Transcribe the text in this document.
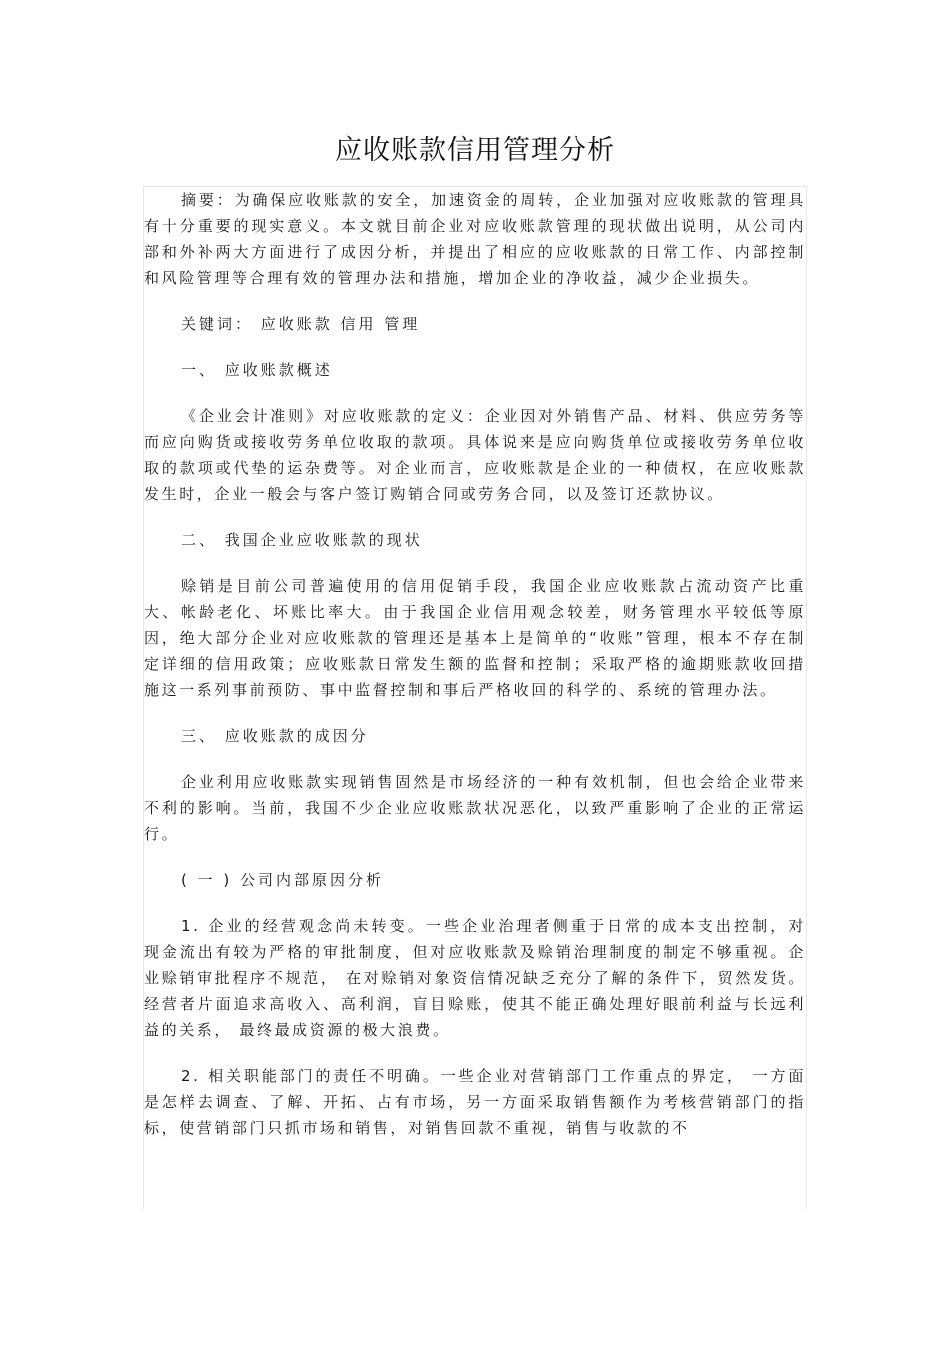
应收账款信用管理分析

摘要：为确保应收账款的安全，加速资金的周转，企业加强对应收账款的管理具有十分重要的现实意义。本文就目前企业对应收账款管理的现状做出说明，从公司内部和外补两大方面进行了成因分析，并提出了相应的应收账款的日常工作、内部控制和风险管理等合理有效的管理办法和措施，增加企业的净收益，减少企业损失。

关键词： 应收账款 信用 管理

一、 应收账款概述

《企业会计准则》对应收账款的定义：企业因对外销售产品、材料、供应劳务等而应向购货或接收劳务单位收取的款项。具体说来是应向购货单位或接收劳务单位收取的款项或代垫的运杂费等。对企业而言，应收账款是企业的一种债权，在应收账款发生时，企业一般会与客户签订购销合同或劳务合同，以及签订还款协议。

二、 我国企业应收账款的现状

赊销是目前公司普遍使用的信用促销手段，我国企业应收账款占流动资产比重大、帐龄老化、坏账比率大。由于我国企业信用观念较差，财务管理水平较低等原因，绝大部分企业对应收账款的管理还是基本上是简单的“收账”管理，根本不存在制定详细的信用政策；应收账款日常发生额的监督和控制；采取严格的逾期账款收回措施这一系列事前预防、事中监督控制和事后严格收回的科学的、系统的管理办法。

三、 应收账款的成因分

企业利用应收账款实现销售固然是市场经济的一种有效机制，但也会给企业带来不利的影响。当前，我国不少企业应收账款状况恶化，以致严重影响了企业的正常运行。

( 一 ) 公司内部原因分析

1. 企业的经营观念尚未转变。一些企业治理者侧重于日常的成本支出控制，对现金流出有较为严格的审批制度，但对应收账款及赊销治理制度的制定不够重视。企业赊销审批程序不规范， 在对赊销对象资信情况缺乏充分了解的条件下，贸然发货。经营者片面追求高收入、高利润，盲目赊账，使其不能正确处理好眼前利益与长远利益的关系， 最终最成资源的极大浪费。

2. 相关职能部门的责任不明确。一些企业对营销部门工作重点的界定， 一方面是怎样去调查、了解、开拓、占有市场，另一方面采取销售额作为考核营销部门的指标，使营销部门只抓市场和销售，对销售回款不重视，销售与收款的不
